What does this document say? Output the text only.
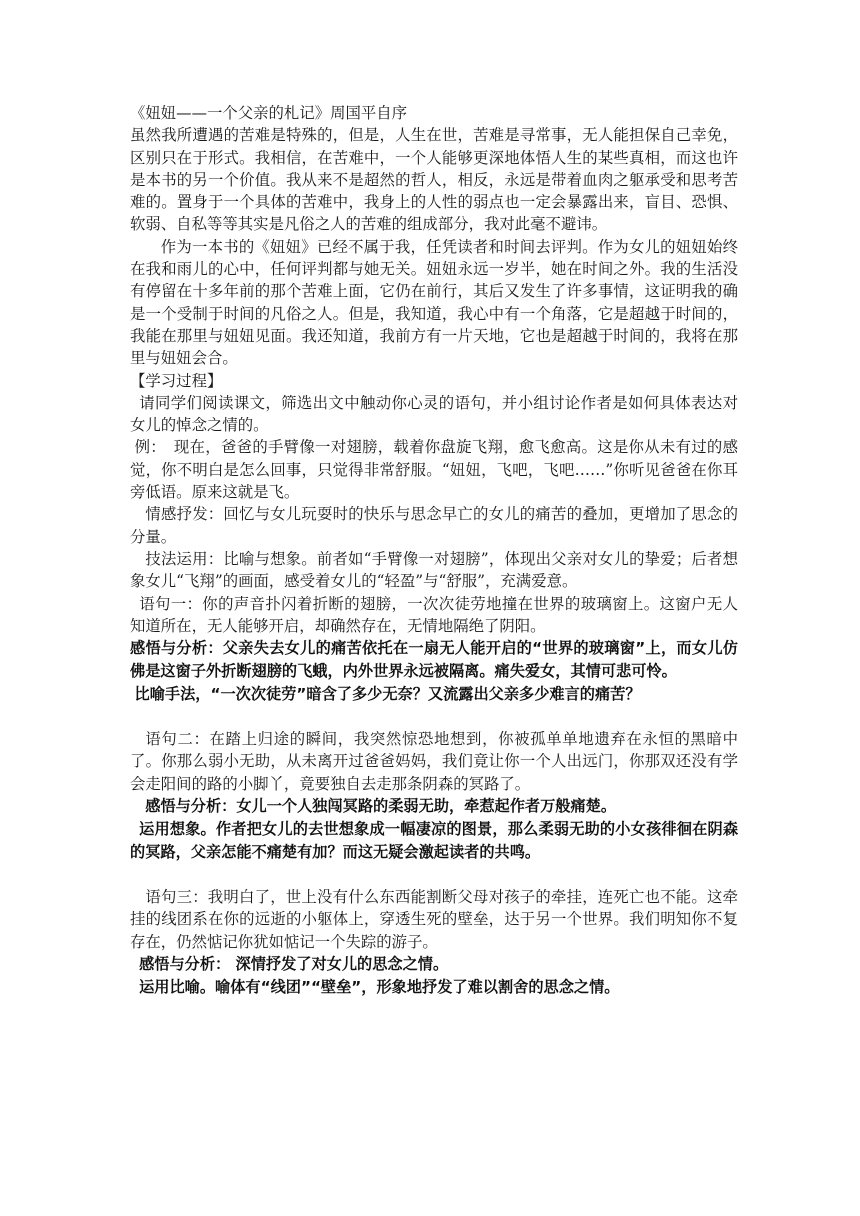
《妞妞——一个父亲的札记》周国平自序

虽然我所遭遇的苦难是特殊的，但是，人生在世，苦难是寻常事，无人能担保自己幸免，区别只在于形式。我相信，在苦难中，一个人能够更深地体悟人生的某些真相，而这也许是本书的另一个价值。我从来不是超然的哲人，相反，永远是带着血肉之躯承受和思考苦难的。置身于一个具体的苦难中，我身上的人性的弱点也一定会暴露出来，盲目、恐惧、软弱、自私等等其实是凡俗之人的苦难的组成部分，我对此毫不避讳。

作为一本书的《妞妞》已经不属于我，任凭读者和时间去评判。作为女儿的妞妞始终在我和雨儿的心中，任何评判都与她无关。妞妞永远一岁半，她在时间之外。我的生活没有停留在十多年前的那个苦难上面，它仍在前行，其后又发生了许多事情，这证明我的确是一个受制于时间的凡俗之人。但是，我知道，我心中有一个角落，它是超越于时间的，我能在那里与妞妞见面。我还知道，我前方有一片天地，它也是超越于时间的，我将在那里与妞妞会合。

【学习过程】

请同学们阅读课文，筛选出文中触动你心灵的语句，并小组讨论作者是如何具体表达对女儿的悼念之情的。

例：　现在，爸爸的手臂像一对翅膀，载着你盘旋飞翔，愈飞愈高。这是你从未有过的感觉，你不明白是怎么回事，只觉得非常舒服。“妞妞，飞吧，飞吧……”你听见爸爸在你耳旁低语。原来这就是飞。

情感抒发：回忆与女儿玩耍时的快乐与思念早亡的女儿的痛苦的叠加，更增加了思念的分量。

技法运用：比喻与想象。前者如“手臂像一对翅膀”，体现出父亲对女儿的挚爱；后者想象女儿“飞翔”的画面，感受着女儿的“轻盈”与“舒服”，充满爱意。

语句一：你的声音扑闪着折断的翅膀，一次次徒劳地撞在世界的玻璃窗上。这窗户无人知道所在，无人能够开启，却确然存在，无情地隔绝了阴阳。

感悟与分析：父亲失去女儿的痛苦依托在一扇无人能开启的“世界的玻璃窗”上，而女儿仿佛是这窗子外折断翅膀的飞蛾，内外世界永远被隔离。痛失爱女，其情可悲可怜。

比喻手法，“一次次徒劳”暗含了多少无奈？又流露出父亲多少难言的痛苦？

语句二：在踏上归途的瞬间，我突然惊恐地想到，你被孤单单地遗弃在永恒的黑暗中了。你那么弱小无助，从未离开过爸爸妈妈，我们竟让你一个人出远门，你那双还没有学会走阳间的路的小脚丫，竟要独自去走那条阴森的冥路了。

感悟与分析：女儿一个人独闯冥路的柔弱无助，牵惹起作者万般痛楚。

运用想象。作者把女儿的去世想象成一幅凄凉的图景，那么柔弱无助的小女孩徘徊在阴森的冥路，父亲怎能不痛楚有加？而这无疑会激起读者的共鸣。

语句三：我明白了，世上没有什么东西能割断父母对孩子的牵挂，连死亡也不能。这牵挂的线团系在你的远逝的小躯体上，穿透生死的壁垒，达于另一个世界。我们明知你不复存在，仍然惦记你犹如惦记一个失踪的游子。

感悟与分析： 深情抒发了对女儿的思念之情。

运用比喻。喻体有“线团”“壁垒”，形象地抒发了难以割舍的思念之情。
